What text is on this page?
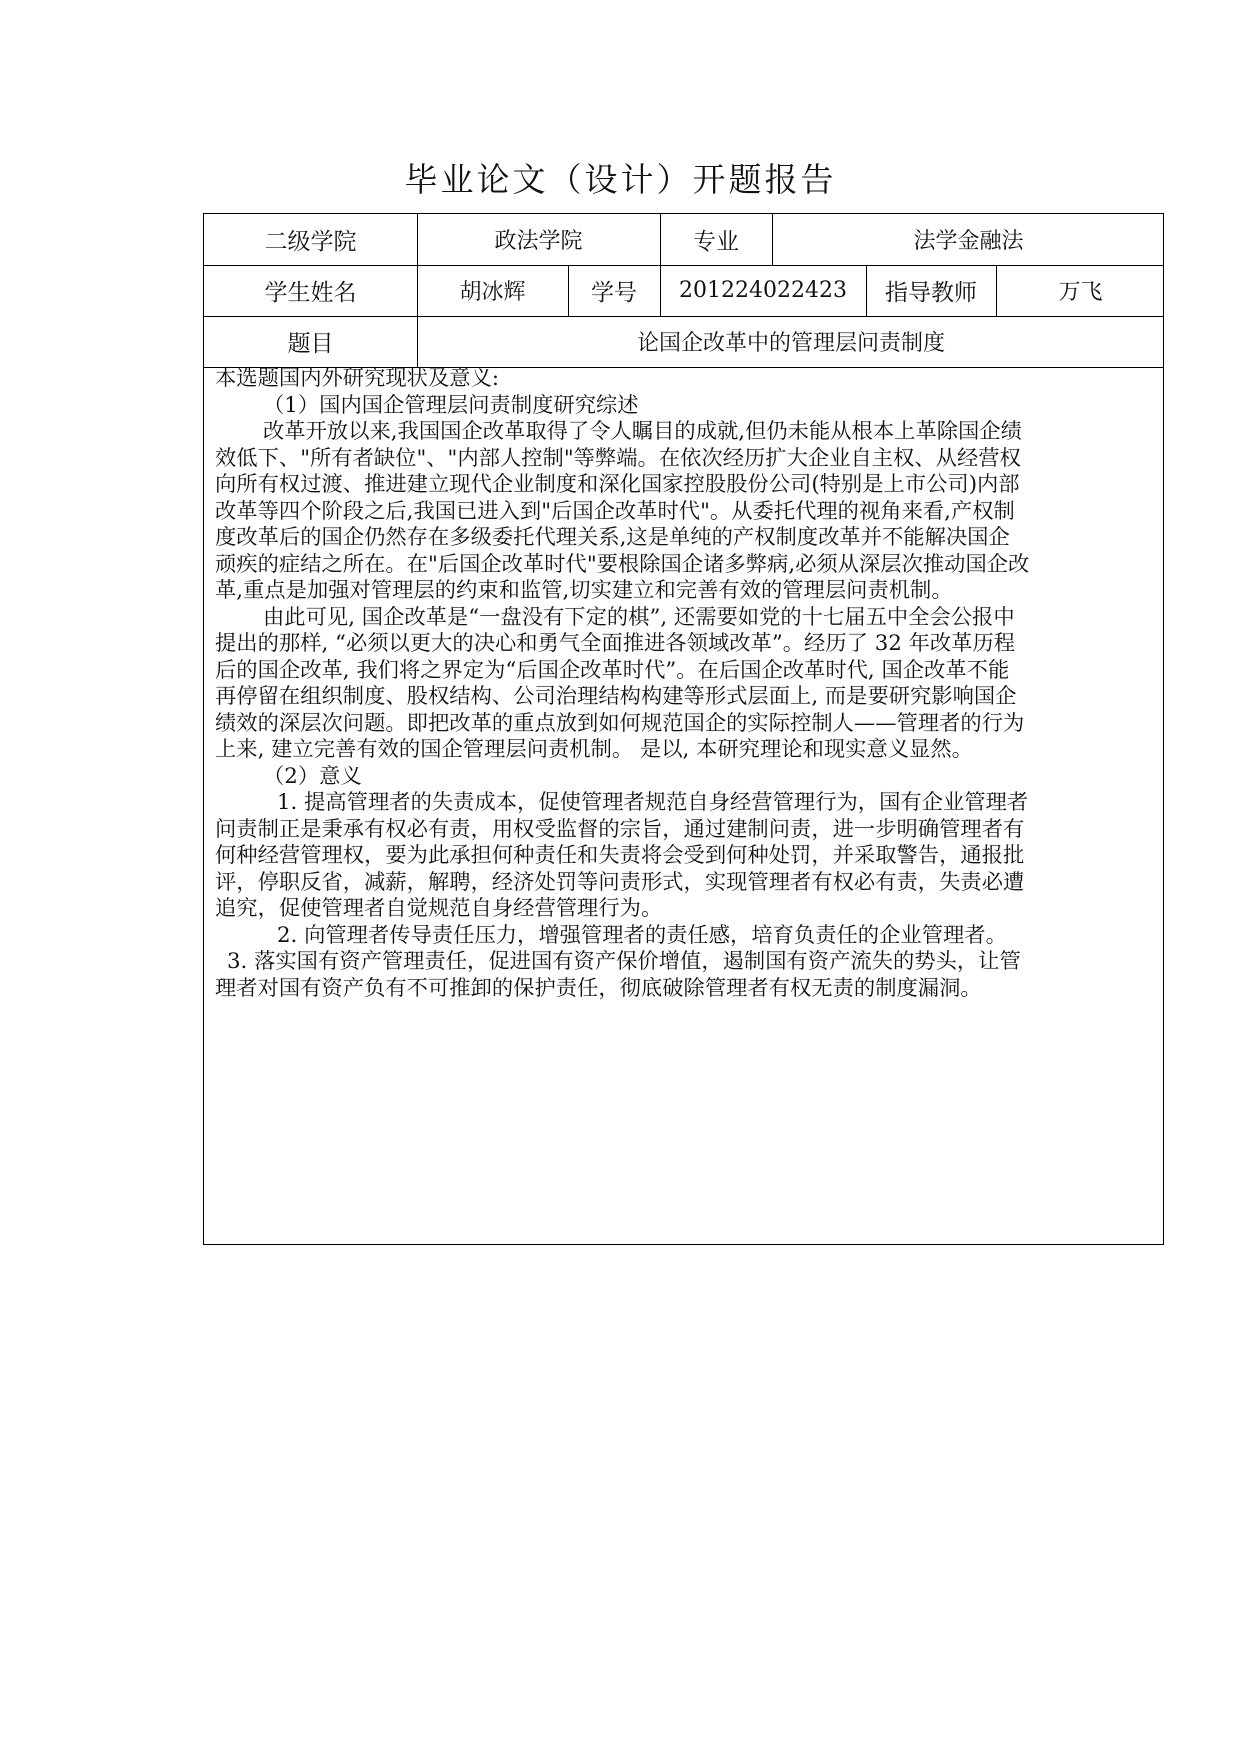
毕业论文（设计）开题报告
二级学院	政法学院	专业	法学金融法
学生姓名	胡冰辉	学号	201224022423	指导教师	万飞
题目	论国企改革中的管理层问责制度

本选题国内外研究现状及意义:

（1）国内国企管理层问责制度研究综述

改革开放以来,我国国企改革取得了令人瞩目的成就,但仍未能从根本上革除国企绩

效低下、"所有者缺位"、"内部人控制"等弊端。在依次经历扩大企业自主权、从经营权

向所有权过渡、推进建立现代企业制度和深化国家控股股份公司(特别是上市公司)内部

改革等四个阶段之后,我国已进入到"后国企改革时代"。从委托代理的视角来看,产权制

度改革后的国企仍然存在多级委托代理关系,这是单纯的产权制度改革并不能解决国企

顽疾的症结之所在。在"后国企改革时代"要根除国企诸多弊病,必须从深层次推动国企改

革,重点是加强对管理层的约束和监管,切实建立和完善有效的管理层问责机制。

由此可见, 国企改革是“一盘没有下定的棋”, 还需要如党的十七届五中全会公报中

提出的那样, “必须以更大的决心和勇气全面推进各领域改革”。经历了 32 年改革历程

后的国企改革, 我们将之界定为“后国企改革时代”。在后国企改革时代, 国企改革不能

再停留在组织制度、股权结构、公司治理结构构建等形式层面上, 而是要研究影响国企

绩效的深层次问题。即把改革的重点放到如何规范国企的实际控制人——管理者的行为

上来, 建立完善有效的国企管理层问责机制。 是以, 本研究理论和现实意义显然。

（2）意义

1. 提高管理者的失责成本，促使管理者规范自身经营管理行为，国有企业管理者

问责制正是秉承有权必有责，用权受监督的宗旨，通过建制问责，进一步明确管理者有

何种经营管理权，要为此承担何种责任和失责将会受到何种处罚，并采取警告，通报批

评，停职反省，减薪，解聘，经济处罚等问责形式，实现管理者有权必有责，失责必遭

追究，促使管理者自觉规范自身经营管理行为。

2. 向管理者传导责任压力，增强管理者的责任感，培育负责任的企业管理者。

3. 落实国有资产管理责任，促进国有资产保价增值，遏制国有资产流失的势头，让管

理者对国有资产负有不可推卸的保护责任，彻底破除管理者有权无责的制度漏洞。
